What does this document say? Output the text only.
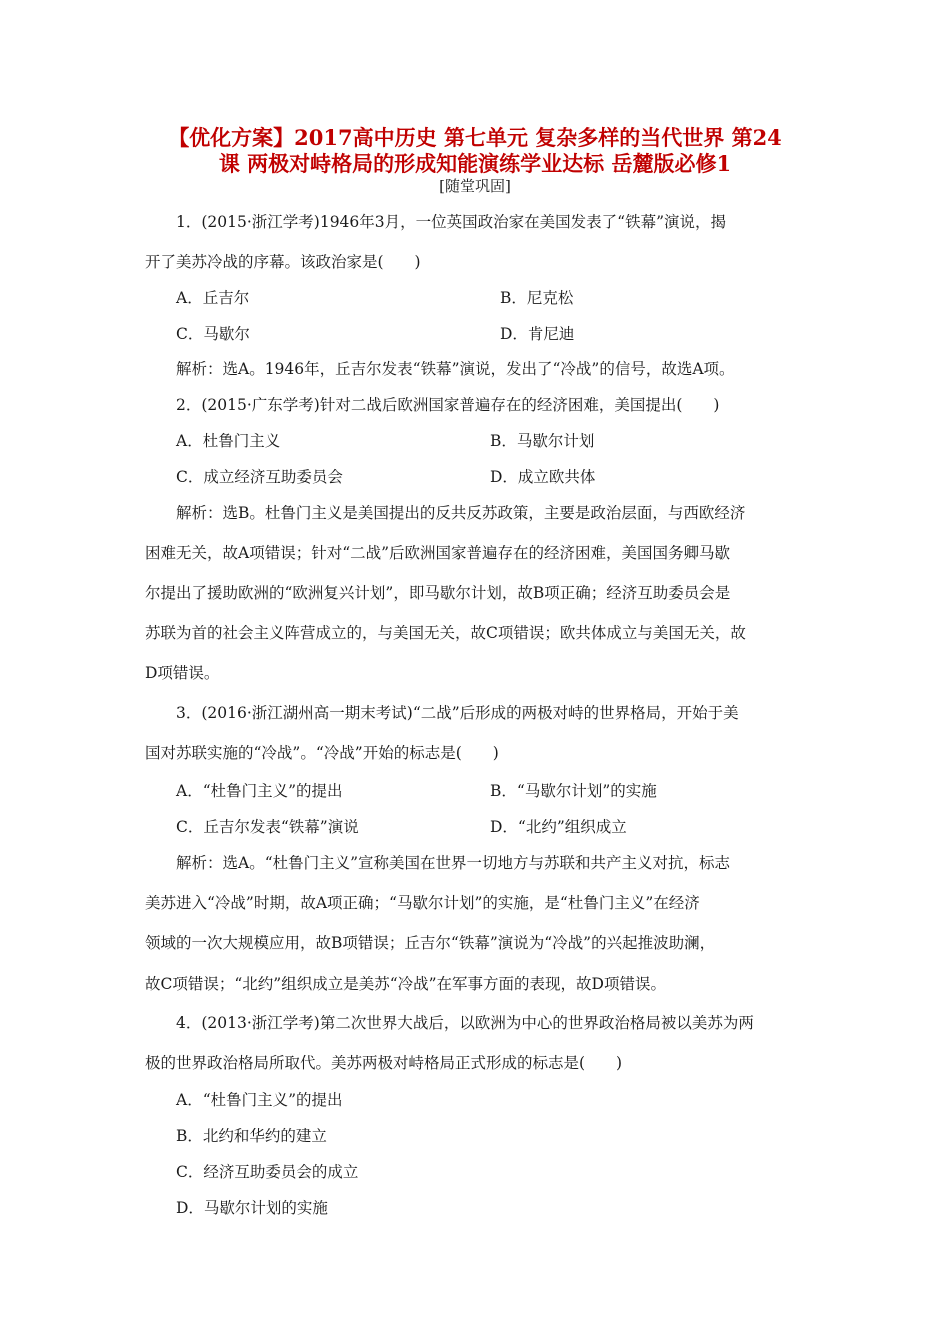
【优化方案】2017高中历史 第七单元 复杂多样的当代世界 第24
课 两极对峙格局的形成知能演练学业达标 岳麓版必修1
[随堂巩固]
1．(2015·浙江学考)1946年3月，一位英国政治家在美国发表了“铁幕”演说，揭
开了美苏冷战的序幕。该政治家是(　　)
A．丘吉尔	B．尼克松
C．马歇尔	D．肯尼迪
解析：选A。1946年，丘吉尔发表“铁幕”演说，发出了“冷战”的信号，故选A项。
2．(2015·广东学考)针对二战后欧洲国家普遍存在的经济困难，美国提出(　　)
A．杜鲁门主义	B．马歇尔计划
C．成立经济互助委员会	D．成立欧共体
解析：选B。杜鲁门主义是美国提出的反共反苏政策，主要是政治层面，与西欧经济
困难无关，故A项错误；针对“二战”后欧洲国家普遍存在的经济困难，美国国务卿马歇
尔提出了援助欧洲的“欧洲复兴计划”，即马歇尔计划，故B项正确；经济互助委员会是
苏联为首的社会主义阵营成立的，与美国无关，故C项错误；欧共体成立与美国无关，故
D项错误。
3．(2016·浙江湖州高一期末考试)“二战”后形成的两极对峙的世界格局，开始于美
国对苏联实施的“冷战”。“冷战”开始的标志是(　　)
A．“杜鲁门主义”的提出	B．“马歇尔计划”的实施
C．丘吉尔发表“铁幕”演说	D．“北约”组织成立
解析：选A。“杜鲁门主义”宣称美国在世界一切地方与苏联和共产主义对抗，标志
美苏进入“冷战”时期，故A项正确；“马歇尔计划”的实施，是“杜鲁门主义”在经济
领域的一次大规模应用，故B项错误；丘吉尔“铁幕”演说为“冷战”的兴起推波助澜，
故C项错误；“北约”组织成立是美苏“冷战”在军事方面的表现，故D项错误。
4．(2013·浙江学考)第二次世界大战后，以欧洲为中心的世界政治格局被以美苏为两
极的世界政治格局所取代。美苏两极对峙格局正式形成的标志是(　　)
A．“杜鲁门主义”的提出
B．北约和华约的建立
C．经济互助委员会的成立
D．马歇尔计划的实施
